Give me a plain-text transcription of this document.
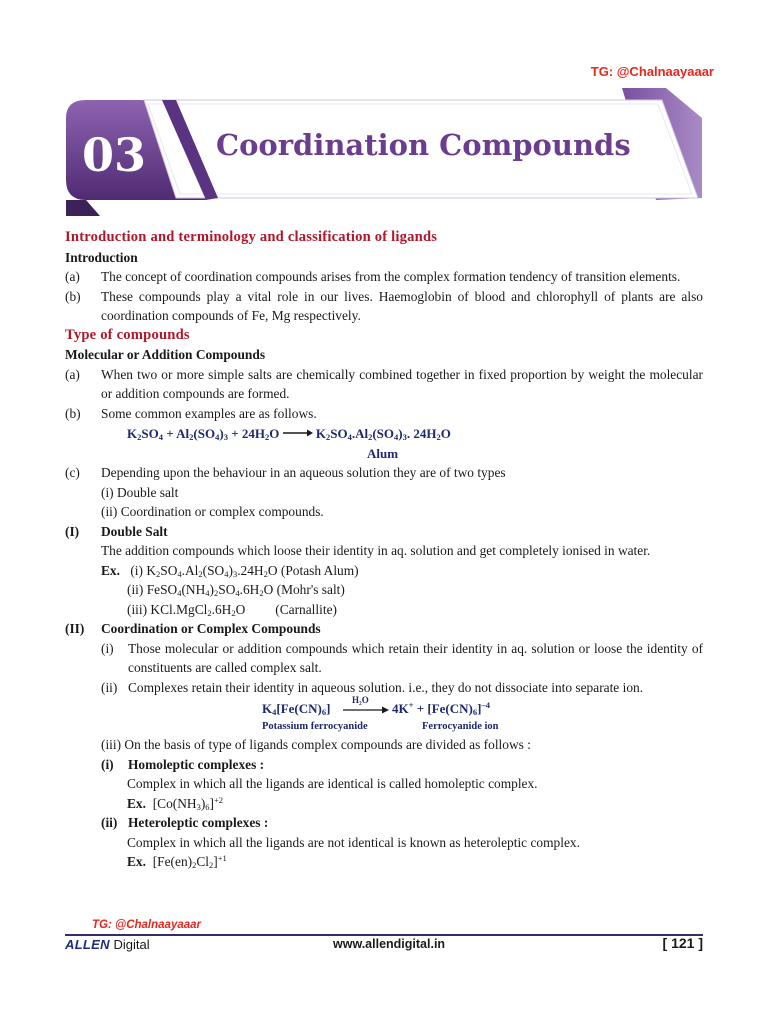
TG: @Chalnaayaaar
03 Coordination Compounds
Introduction and terminology and classification of ligands
Introduction
(a)	The concept of coordination compounds arises from the complex formation tendency of transition elements.
(b)	These compounds play a vital role in our lives. Haemoglobin of blood and chlorophyll of plants are also coordination compounds of Fe, Mg respectively.
Type of compounds
Molecular or Addition Compounds
(a)	When two or more simple salts are chemically combined together in fixed proportion by weight the molecular or addition compounds are formed.
(b)	Some common examples are as follows.
$K_2SO_4 + Al_2(SO_4)_3 + 24H_2O \to K_2SO_4.Al_2(SO_4)_3$. $24H_2O$
Alum
(c)	Depending upon the behaviour in an aqueous solution they are of two types
(i) Double salt
(ii) Coordination or complex compounds.
(I)	Double Salt
The addition compounds which loose their identity in aq. solution and get completely ionised in water.
Ex. (i) $K_2SO_4.Al_2(SO_4)_3.24H_2O$ (Potash Alum)
(ii) $FeSO_4(NH_4)_2SO_4.6H_2O$ (Mohr's salt)
(iii) $KCl.MgCl_2.6H_2O$ (Carnallite)
(II)	Coordination or Complex Compounds
(i)	Those molecular or addition compounds which retain their identity in aq. solution or loose the identity of constituents are called complex salt.
(ii) Complexes retain their identity in aqueous solution. i.e., they do not dissociate into separate ion.
$K_4[Fe(CN)_6]$
H₂O
→ $4K^+ + [Fe(CN)_6]^{-4}$
Potassium ferrocyanide	Ferrocyanide ion
(iii) On the basis of type of ligands complex compounds are divided as follows :
(i)	Homoleptic complexes :
Complex in which all the ligands are identical is called homoleptic complex.
Ex. $[Co(NH_3)_6]^{+2}$
(ii) Heteroleptic complexes :
Complex in which all the ligands are not identical is known as heteroleptic complex.
Ex. $[Fe(en)_2Cl_2]^{+1}$
TG: @Chalnaayaaar
ALLEN Digital	www.allendigital.in	[ 121 ]
